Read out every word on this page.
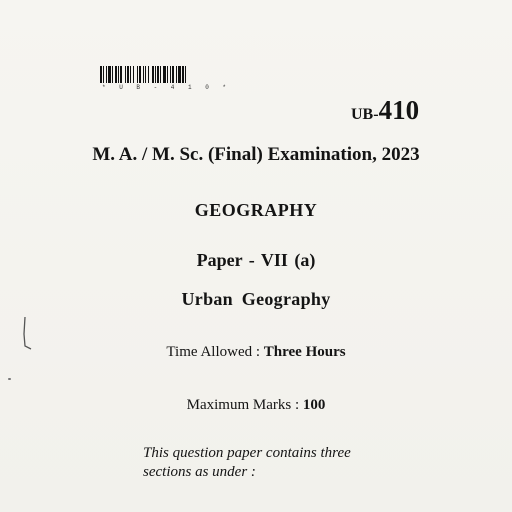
* U B - 4 1 0 *
UB-410
M. A. / M. Sc. (Final) Examination, 2023
GEOGRAPHY
Paper - VII (a)
Urban Geography
Time Allowed : Three Hours
Maximum Marks : 100
This question paper contains three
sections as under :
